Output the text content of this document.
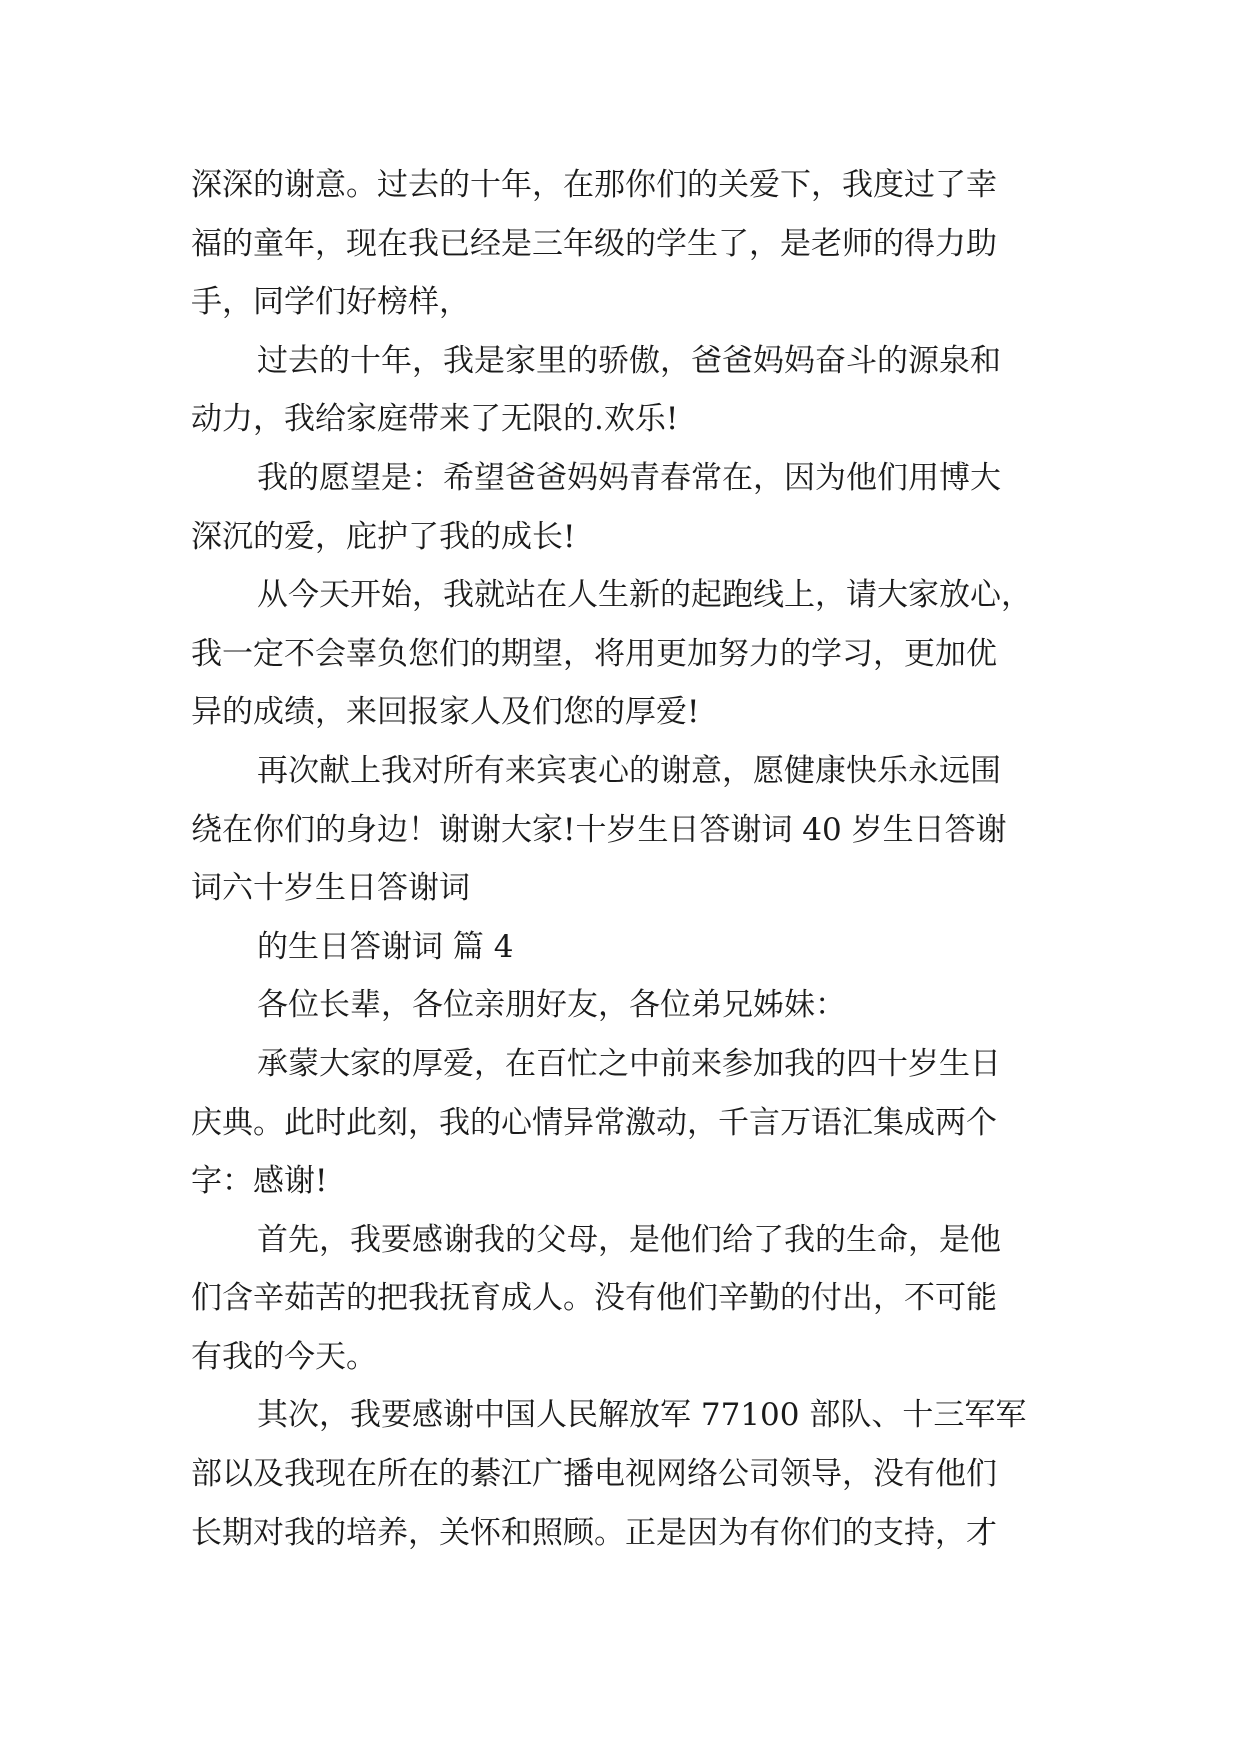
深深的谢意。过去的十年，在那你们的关爱下，我度过了幸
福的童年，现在我已经是三年级的学生了，是老师的得力助
手，同学们好榜样，
过去的十年，我是家里的骄傲，爸爸妈妈奋斗的源泉和
动力，我给家庭带来了无限的.欢乐!
我的愿望是：希望爸爸妈妈青春常在，因为他们用博大
深沉的爱，庇护了我的成长!
从今天开始，我就站在人生新的起跑线上，请大家放心，
我一定不会辜负您们的期望，将用更加努力的学习，更加优
异的成绩，来回报家人及们您的厚爱!
再次献上我对所有来宾衷心的谢意，愿健康快乐永远围
绕在你们的身边！谢谢大家!十岁生日答谢词 40 岁生日答谢
词六十岁生日答谢词
的生日答谢词 篇 4
各位长辈，各位亲朋好友，各位弟兄姊妹：
承蒙大家的厚爱，在百忙之中前来参加我的四十岁生日
庆典。此时此刻，我的心情异常激动，千言万语汇集成两个
字：感谢!
首先，我要感谢我的父母，是他们给了我的生命，是他
们含辛茹苦的把我抚育成人。没有他们辛勤的付出，不可能
有我的今天。
其次，我要感谢中国人民解放军 77100 部队、十三军军
部以及我现在所在的綦江广播电视网络公司领导，没有他们
长期对我的培养，关怀和照顾。正是因为有你们的支持，才
